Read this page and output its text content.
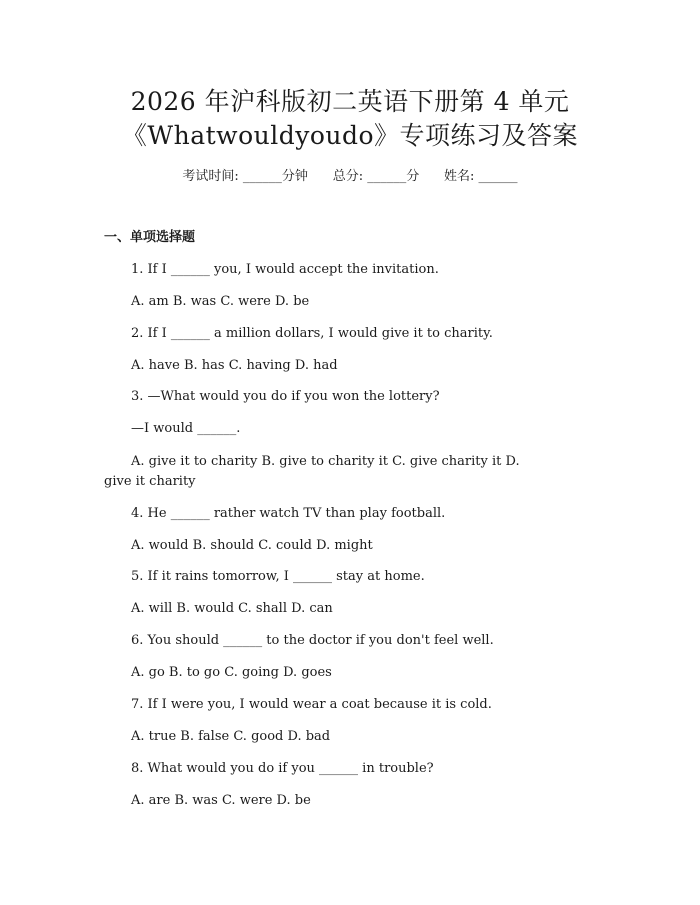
2026 年沪科版初二英语下册第 4 单元
《Whatwouldyoudo》专项练习及答案
考试时间: ______分钟 总分: ______分 姓名: ______
一、单项选择题
1. If I ______ you, I would accept the invitation.
A. am B. was C. were D. be
2. If I ______ a million dollars, I would give it to charity.
A. have B. has C. having D. had
3. —What would you do if you won the lottery?
—I would ______.
A. give it to charity B. give to charity it C. give charity it D.
give it charity
4. He ______ rather watch TV than play football.
A. would B. should C. could D. might
5. If it rains tomorrow, I ______ stay at home.
A. will B. would C. shall D. can
6. You should ______ to the doctor if you don't feel well.
A. go B. to go C. going D. goes
7. If I were you, I would wear a coat because it is cold.
A. true B. false C. good D. bad
8. What would you do if you ______ in trouble?
A. are B. was C. were D. be
